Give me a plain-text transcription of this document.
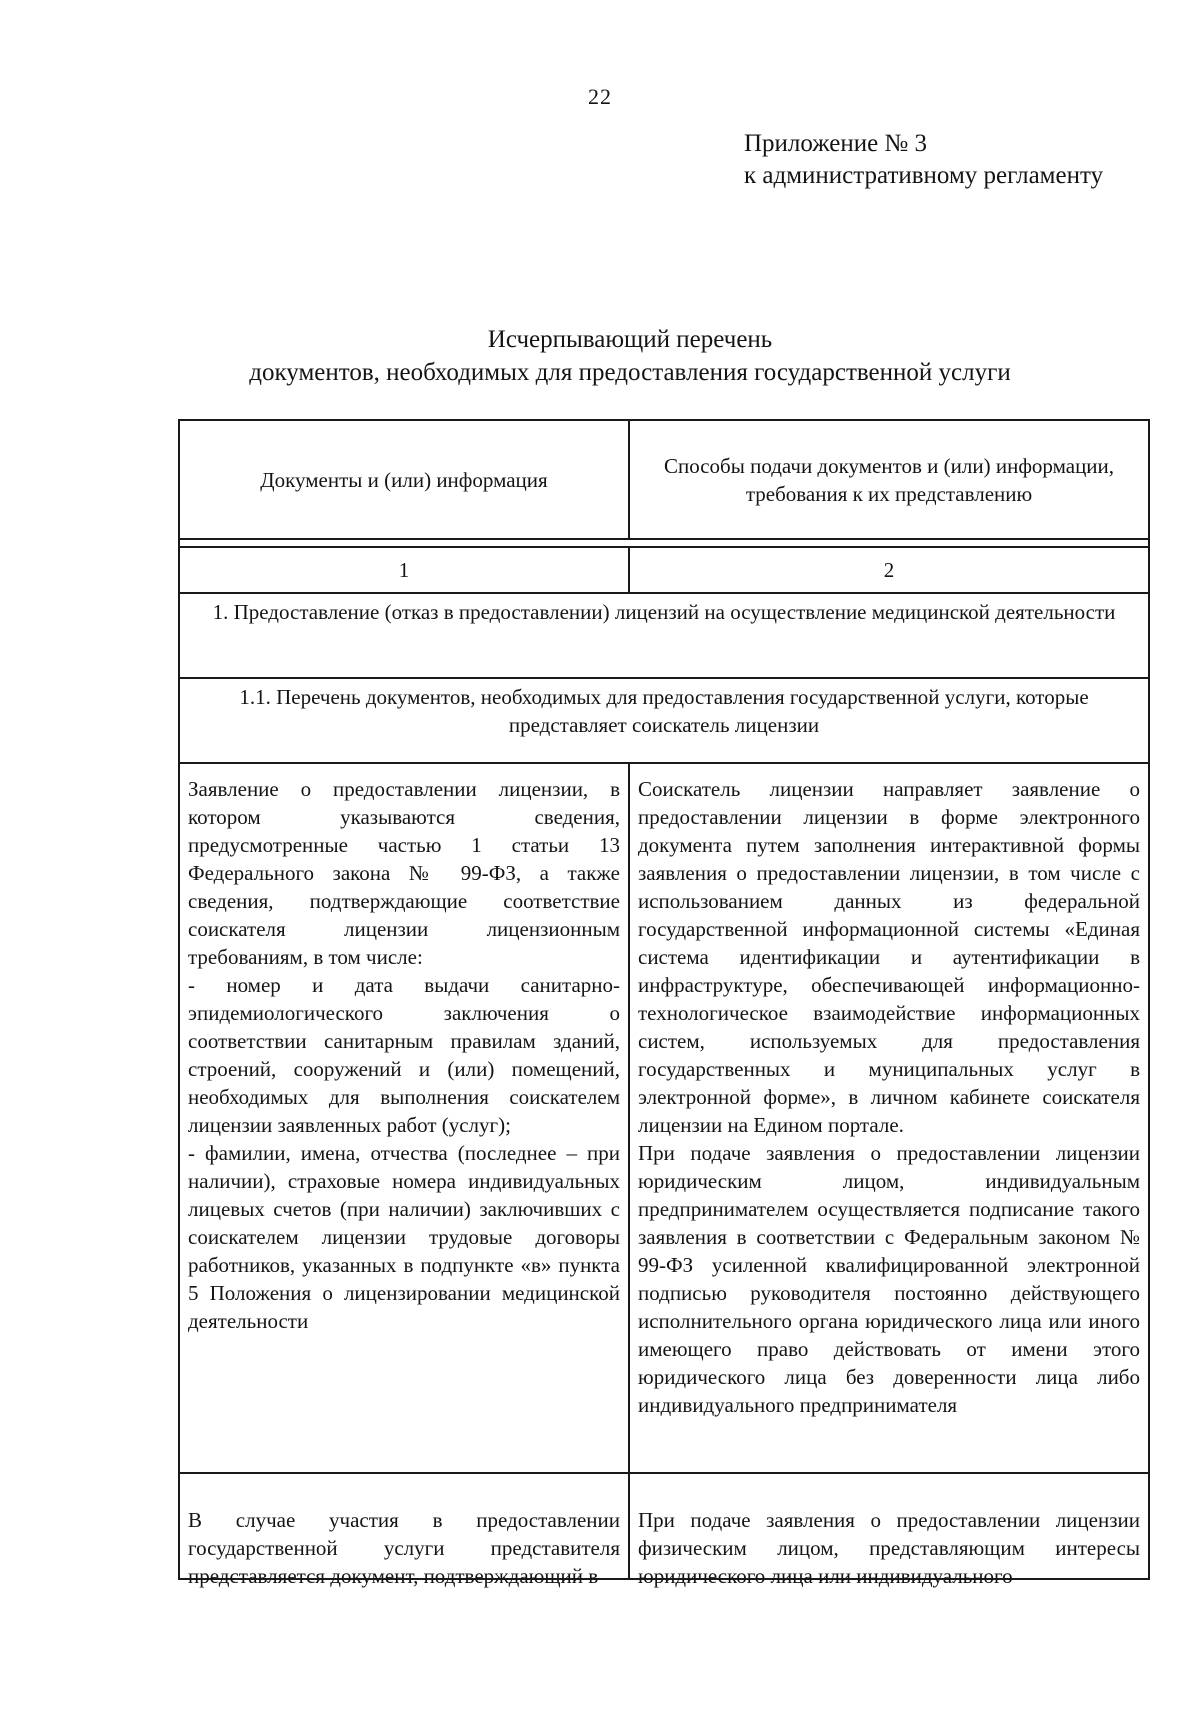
22
Приложение № 3
к административному регламенту
Исчерпывающий перечень
документов, необходимых для предоставления государственной услуги
Документы и (или) информация
Способы подачи документов и (или) информации, требования к их представлению
1	2
1. Предоставление (отказ в предоставлении) лицензий на осуществление медицинской деятельности
1.1. Перечень документов, необходимых для предоставления государственной услуги, которые представляет соискатель лицензии

Заявление о предоставлении лицензии, в котором указываются сведения, предусмотренные частью 1 статьи 13 Федерального закона № 99-ФЗ, а также сведения, подтверждающие соответствие соискателя лицензии лицензионным требованиям, в том числе:

- номер и дата выдачи санитарно-эпидемиологического заключения о соответствии санитарным правилам зданий, строений, сооружений и (или) помещений, необходимых для выполнения соискателем лицензии заявленных работ (услуг);

- фамилии, имена, отчества (последнее – при наличии), страховые номера индивидуальных лицевых счетов (при наличии) заключивших с соискателем лицензии трудовые договоры работников, указанных в подпункте «в» пункта 5 Положения о лицензировании медицинской деятельности

Соискатель лицензии направляет заявление о предоставлении лицензии в форме электронного документа путем заполнения интерактивной формы заявления о предоставлении лицензии, в том числе с использованием данных из федеральной государственной информационной системы «Единая система идентификации и аутентификации в инфраструктуре, обеспечивающей информационно-технологическое взаимодействие информационных систем, используемых для предоставления государственных и муниципальных услуг в электронной форме», в личном кабинете соискателя лицензии на Едином портале.

При подаче заявления о предоставлении лицензии юридическим лицом, индивидуальным предпринимателем осуществляется подписание такого заявления в соответствии с Федеральным законом № 99-ФЗ усиленной квалифицированной электронной подписью руководителя постоянно действующего исполнительного органа юридического лица или иного имеющего право действовать от имени этого юридического лица без доверенности лица либо индивидуального предпринимателя

В случае участия в предоставлении государственной услуги представителя представляется документ, подтверждающий в

При подаче заявления о предоставлении лицензии физическим лицом, представляющим интересы юридического лица или индивидуального
